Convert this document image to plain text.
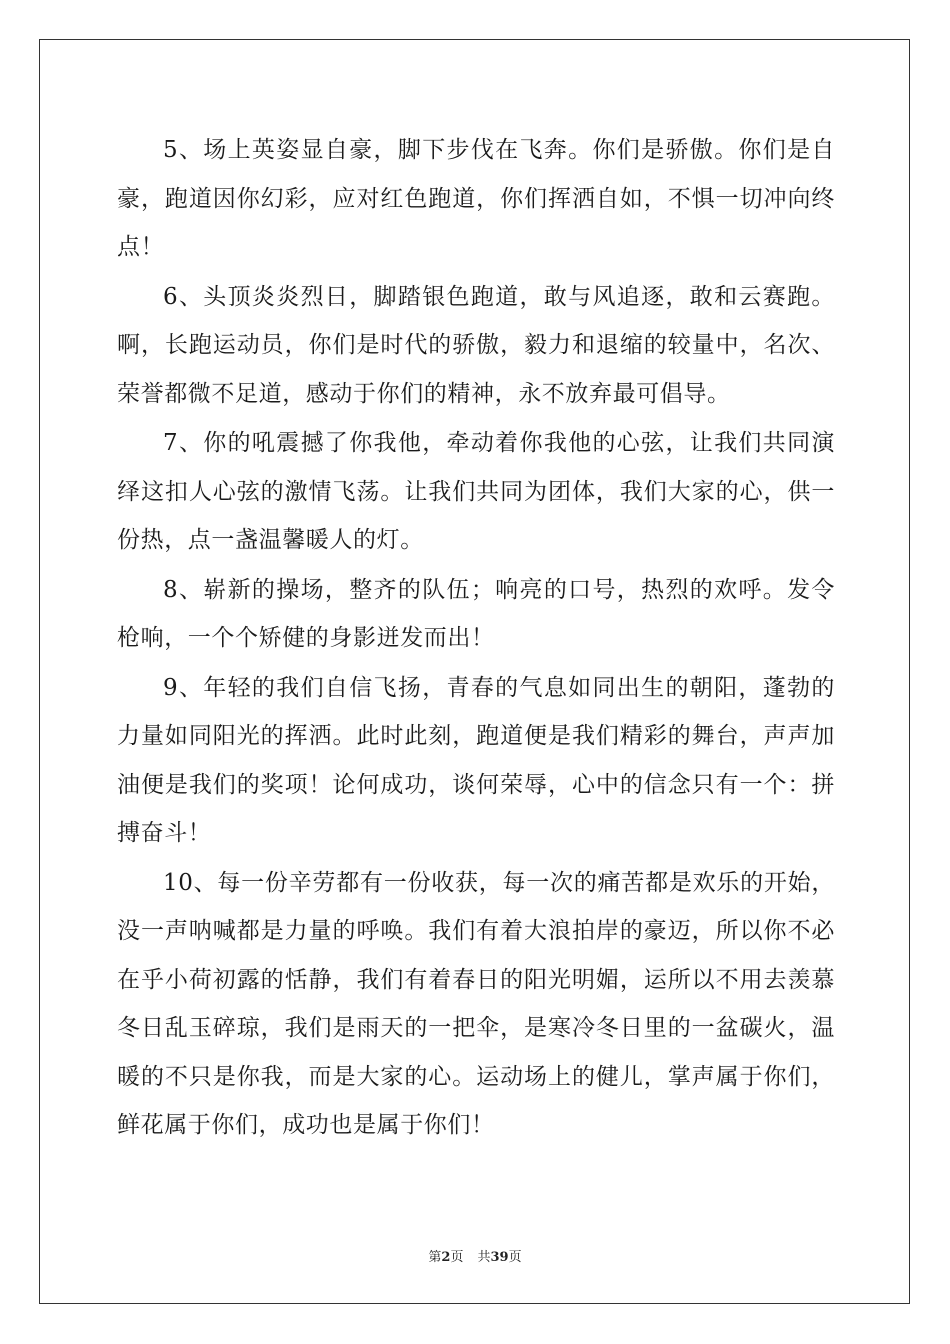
5、场上英姿显自豪，脚下步伐在飞奔。你们是骄傲。你们是自豪，跑道因你幻彩，应对红色跑道，你们挥洒自如，不惧一切冲向终点！

6、头顶炎炎烈日，脚踏银色跑道，敢与风追逐，敢和云赛跑。啊，长跑运动员，你们是时代的骄傲，毅力和退缩的较量中，名次、荣誉都微不足道，感动于你们的精神，永不放弃最可倡导。

7、你的吼震撼了你我他，牵动着你我他的心弦，让我们共同演绎这扣人心弦的激情飞荡。让我们共同为团体，我们大家的心，供一份热，点一盏温馨暖人的灯。

8、崭新的操场，整齐的队伍；响亮的口号，热烈的欢呼。发令枪响，一个个矫健的身影迸发而出！

9、年轻的我们自信飞扬，青春的气息如同出生的朝阳，蓬勃的力量如同阳光的挥洒。此时此刻，跑道便是我们精彩的舞台，声声加油便是我们的奖项！论何成功，谈何荣辱，心中的信念只有一个：拼搏奋斗！

10、每一份辛劳都有一份收获，每一次的痛苦都是欢乐的开始，没一声呐喊都是力量的呼唤。我们有着大浪拍岸的豪迈，所以你不必在乎小荷初露的恬静，我们有着春日的阳光明媚，运所以不用去羡慕冬日乱玉碎琼，我们是雨天的一把伞，是寒冷冬日里的一盆碳火，温暖的不只是你我，而是大家的心。运动场上的健儿，掌声属于你们，鲜花属于你们，成功也是属于你们！

第2页 共39页
